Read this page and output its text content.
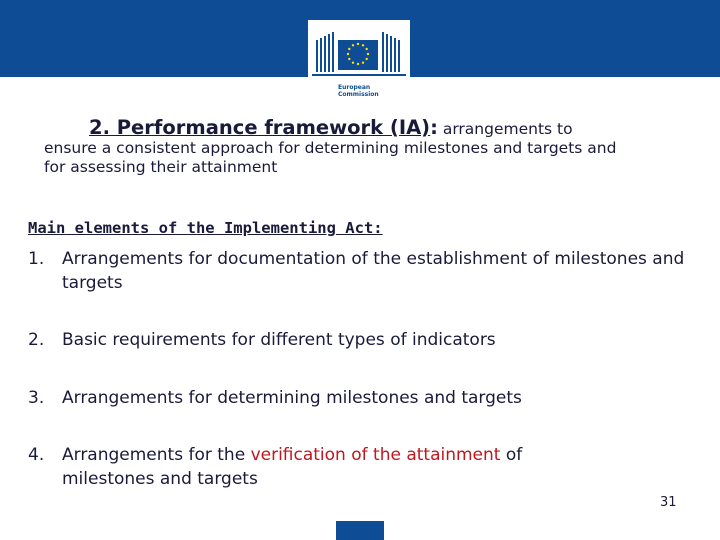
European
Commission
2. Performance framework (IA): arrangements to
ensure a consistent approach for determining milestones and targets and
for assessing their attainment
Main elements of the Implementing Act:
1.	Arrangements for documentation of the establishment of milestones and targets
2.	Basic requirements for different types of indicators
3.	Arrangements for determining milestones and targets
4.	Arrangements for the verification of the attainment of
milestones and targets
31
